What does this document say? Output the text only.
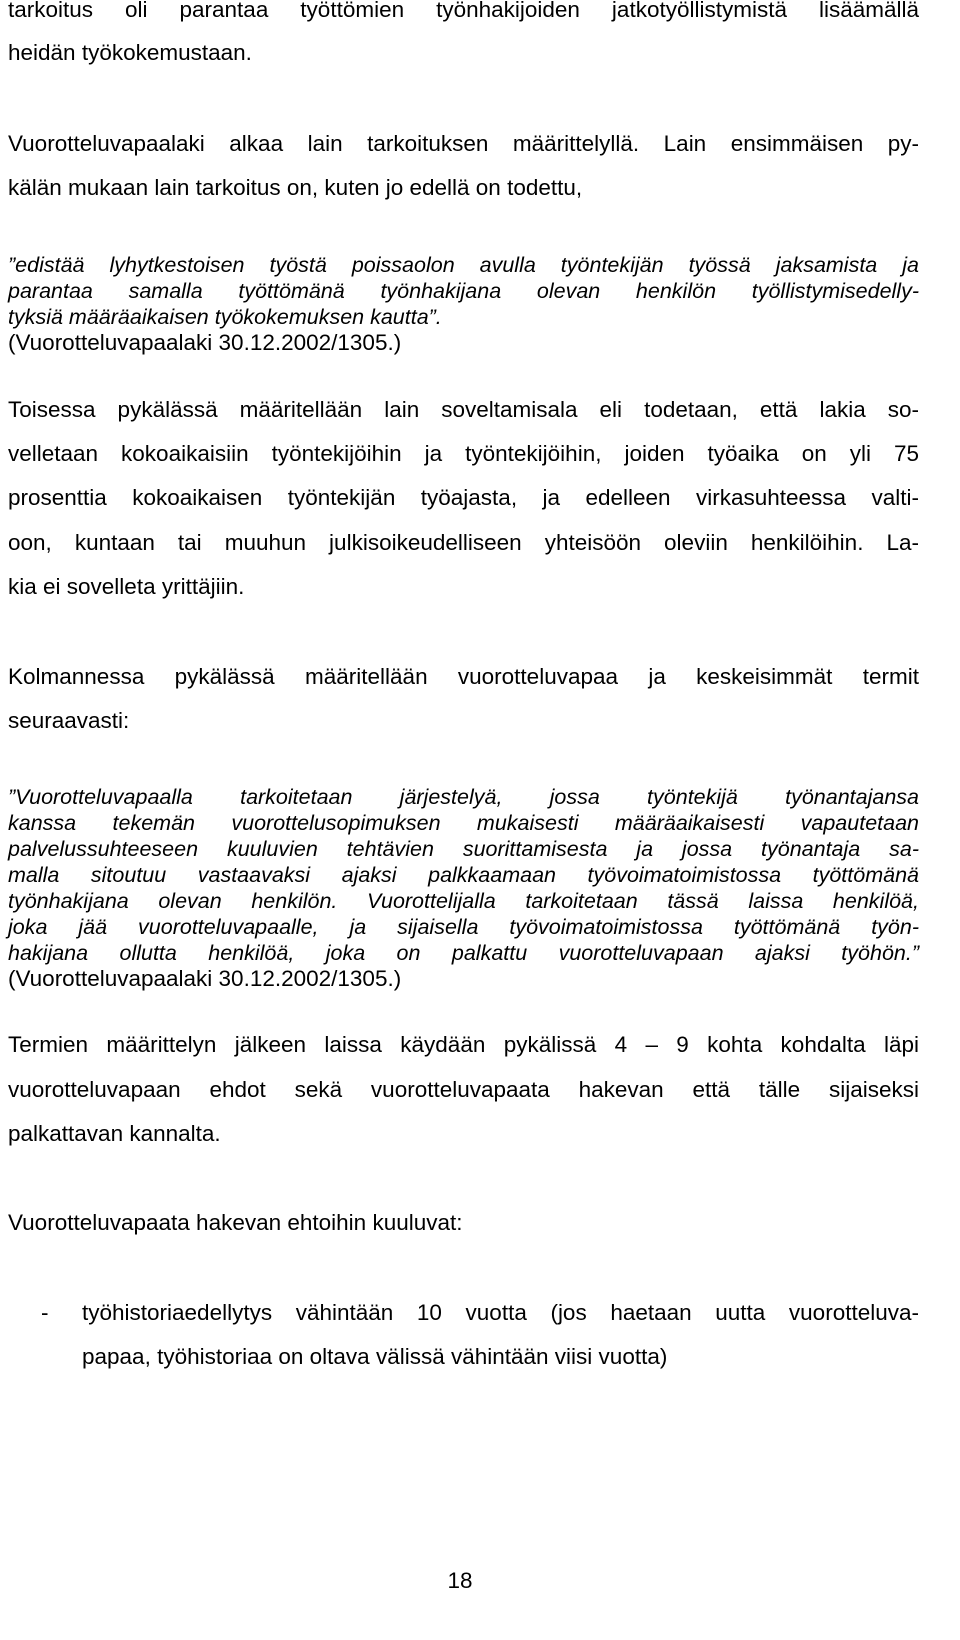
tarkoitus oli parantaa työttömien työnhakijoiden jatkotyöllistymistä lisäämällä
heidän työkokemustaan.
Vuorotteluvapaalaki alkaa lain tarkoituksen määrittelyllä. Lain ensimmäisen py-
kälän mukaan lain tarkoitus on, kuten jo edellä on todettu,
”edistää lyhytkestoisen työstä poissaolon avulla työntekijän työssä jaksamista ja
parantaa samalla työttömänä työnhakijana olevan henkilön työllistymisedelly-
tyksiä määräaikaisen työkokemuksen kautta”.
(Vuorotteluvapaalaki 30.12.2002/1305.)
Toisessa pykälässä määritellään lain soveltamisala eli todetaan, että lakia so-
velletaan kokoaikaisiin työntekijöihin ja työntekijöihin, joiden työaika on yli 75
prosenttia kokoaikaisen työntekijän työajasta, ja edelleen virkasuhteessa valti-
oon, kuntaan tai muuhun julkisoikeudelliseen yhteisöön oleviin henkilöihin. La-
kia ei sovelleta yrittäjiin.
Kolmannessa pykälässä määritellään vuorotteluvapaa ja keskeisimmät termit
seuraavasti:
”Vuorotteluvapaalla tarkoitetaan järjestelyä, jossa työntekijä työnantajansa
kanssa tekemän vuorottelusopimuksen mukaisesti määräaikaisesti vapautetaan
palvelussuhteeseen kuuluvien tehtävien suorittamisesta ja jossa työnantaja sa-
malla sitoutuu vastaavaksi ajaksi palkkaamaan työvoimatoimistossa työttömänä
työnhakijana olevan henkilön. Vuorottelijalla tarkoitetaan tässä laissa henkilöä,
joka jää vuorotteluvapaalle, ja sijaisella työvoimatoimistossa työttömänä työn-
hakijana ollutta henkilöä, joka on palkattu vuorotteluvapaan ajaksi työhön.”
(Vuorotteluvapaalaki 30.12.2002/1305.)
Termien määrittelyn jälkeen laissa käydään pykälissä 4 – 9 kohta kohdalta läpi
vuorotteluvapaan ehdot sekä vuorotteluvapaata hakevan että tälle sijaiseksi
palkattavan kannalta.
Vuorotteluvapaata hakevan ehtoihin kuuluvat:
- työhistoriaedellytys vähintään 10 vuotta (jos haetaan uutta vuorotteluva-
papaa, työhistoriaa on oltava välissä vähintään viisi vuotta)
18
